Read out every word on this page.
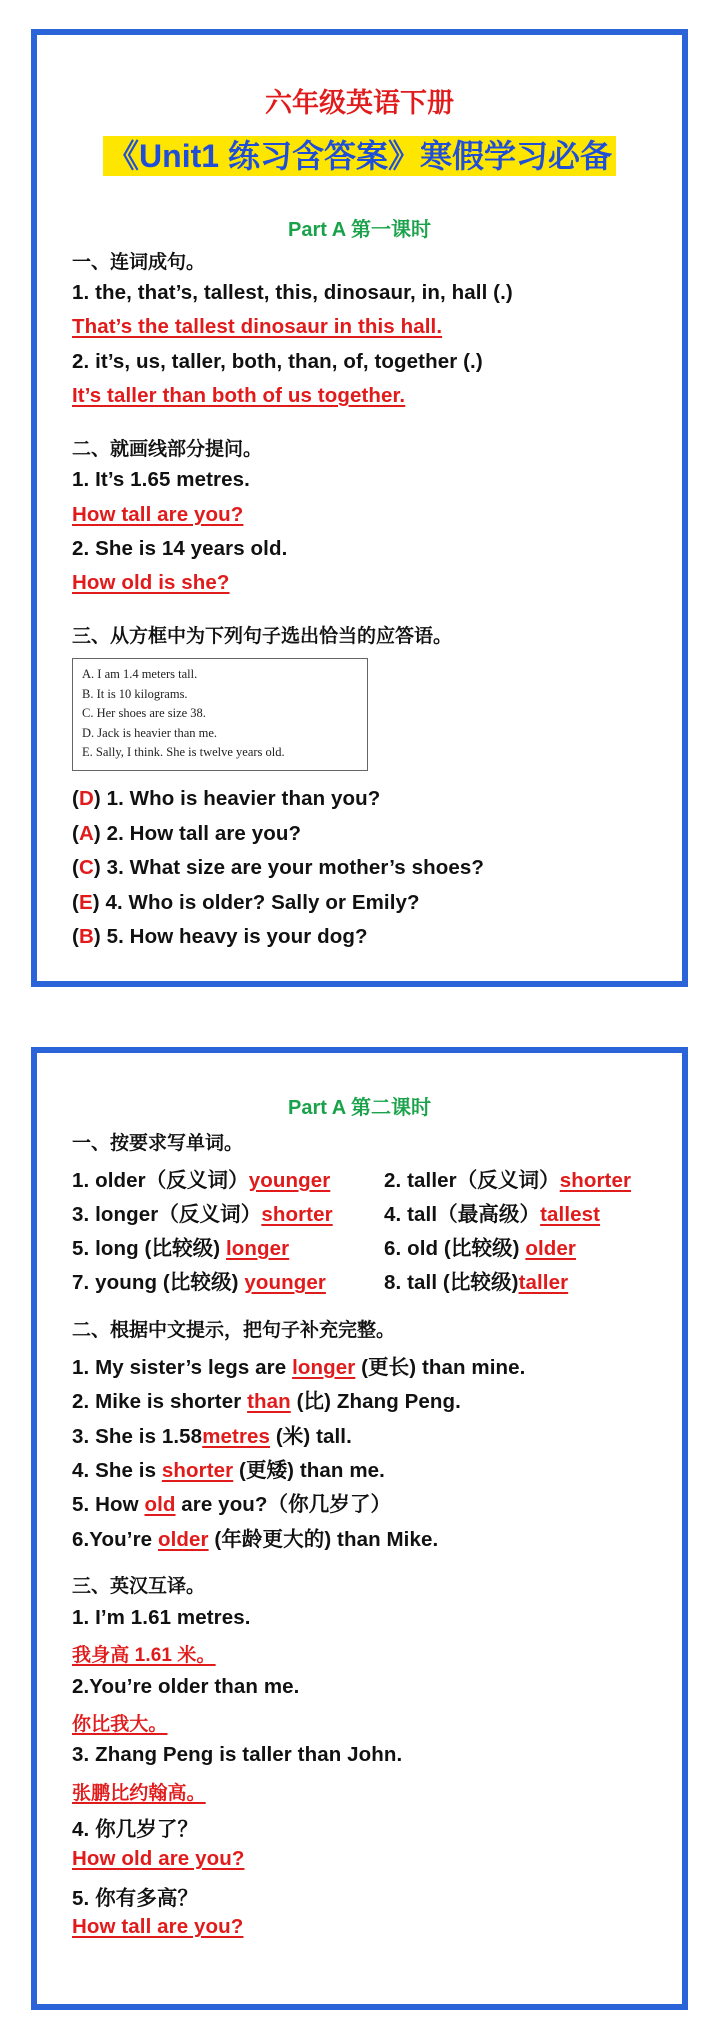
六年级英语下册
《Unit1 练习含答案》寒假学习必备
Part A 第一课时
一、连词成句。
1. the, that’s, tallest, this, dinosaur, in, hall (.)
That’s the tallest dinosaur in this hall.
2. it’s, us, taller, both, than, of, together (.)
It’s taller than both of us together.
二、就画线部分提问。
1. It’s 1.65 metres.
How tall are you?
2. She is 14 years old.
How old is she?
三、从方框中为下列句子选出恰当的应答语。
A. I am 1.4 meters tall.
B. It is 10 kilograms.
C. Her shoes are size 38.
D. Jack is heavier than me.
E. Sally, I think. She is twelve years old.
(D) 1. Who is heavier than you?
(A) 2. How tall are you?
(C) 3. What size are your mother’s shoes?
(E) 4. Who is older? Sally or Emily?
(B) 5. How heavy is your dog?
Part A 第二课时
一、按要求写单词。
1. older（反义词）younger	2. taller（反义词）shorter
3. longer（反义词）shorter	4. tall（最高级）tallest
5. long (比较级) longer	6. old (比较级) older
7. young (比较级) younger	8. tall (比较级)taller
二、根据中文提示，把句子补充完整。
1. My sister’s legs are longer (更长) than mine.
2. Mike is shorter than (比) Zhang Peng.
3. She is 1.58metres (米) tall.
4. She is shorter (更矮) than me.
5. How old are you?（你几岁了）
6.You’re older (年龄更大的) than Mike.
三、英汉互译。
1. I’m 1.61 metres.
我身高 1.61 米。
2.You’re older than me.
你比我大。
3. Zhang Peng is taller than John.
张鹏比约翰高。
4. 你几岁了？
How old are you?
5. 你有多高？
How tall are you?
